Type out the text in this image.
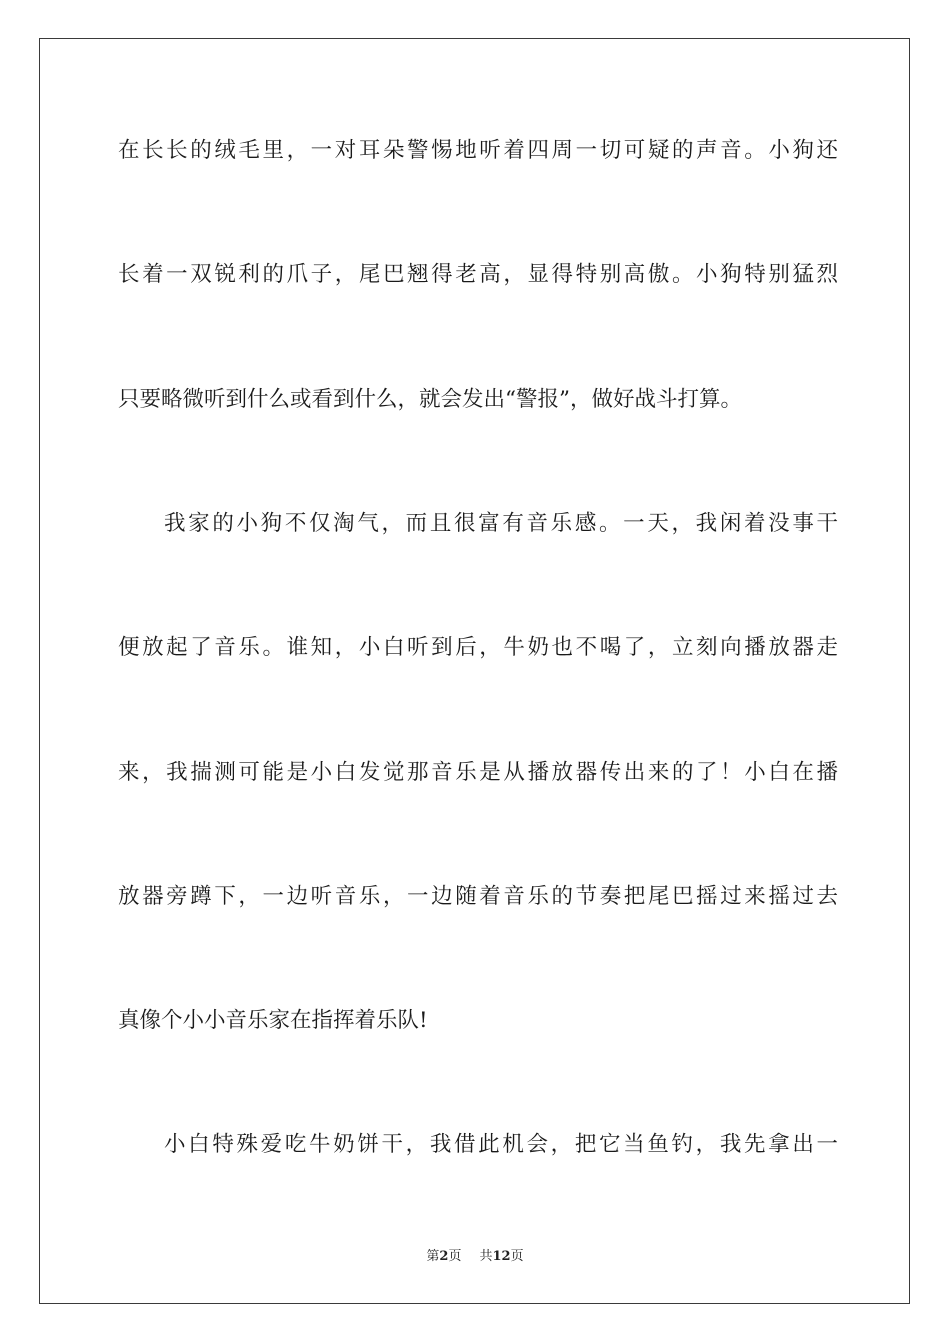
在长长的绒毛里，一对耳朵警惕地听着四周一切可疑的声音。小狗还
长着一双锐利的爪子，尾巴翘得老高，显得特别高傲。小狗特别猛烈
只要略微听到什么或看到什么，就会发出“警报”，做好战斗打算。
我家的小狗不仅淘气，而且很富有音乐感。一天，我闲着没事干
便放起了音乐。谁知，小白听到后，牛奶也不喝了，立刻向播放器走
来，我揣测可能是小白发觉那音乐是从播放器传出来的了！小白在播
放器旁蹲下，一边听音乐，一边随着音乐的节奏把尾巴摇过来摇过去
真像个小小音乐家在指挥着乐队!
小白特殊爱吃牛奶饼干，我借此机会，把它当鱼钓，我先拿出一
第2页 共12页
